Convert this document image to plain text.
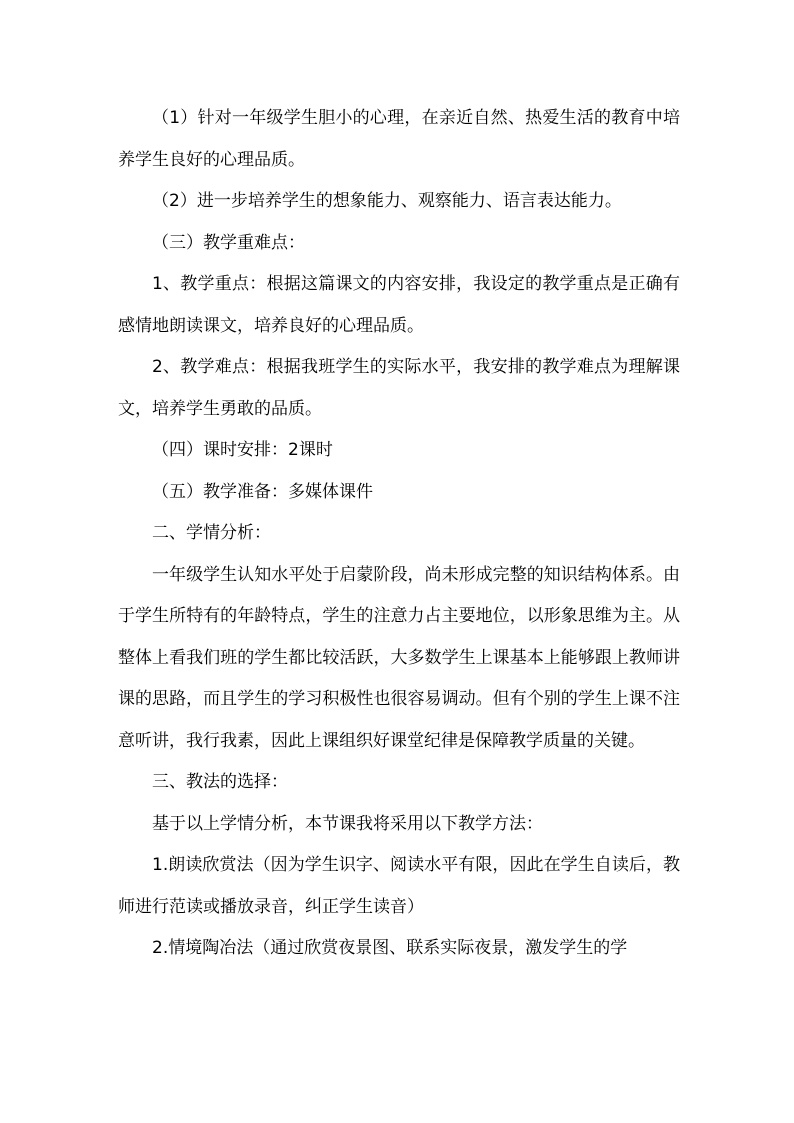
（1）针对一年级学生胆小的心理，在亲近自然、热爱生活的教育中培养学生良好的心理品质。

（2）进一步培养学生的想象能力、观察能力、语言表达能力。

（三）教学重难点：

1、教学重点：根据这篇课文的内容安排，我设定的教学重点是正确有感情地朗读课文，培养良好的心理品质。

2、教学难点：根据我班学生的实际水平，我安排的教学难点为理解课文，培养学生勇敢的品质。

（四）课时安排：2课时

（五）教学准备：多媒体课件

二、学情分析：

一年级学生认知水平处于启蒙阶段，尚未形成完整的知识结构体系。由于学生所特有的年龄特点，学生的注意力占主要地位，以形象思维为主。从整体上看我们班的学生都比较活跃，大多数学生上课基本上能够跟上教师讲课的思路，而且学生的学习积极性也很容易调动。但有个别的学生上课不注意听讲，我行我素，因此上课组织好课堂纪律是保障教学质量的关键。

三、教法的选择：

基于以上学情分析，本节课我将采用以下教学方法：

1.朗读欣赏法（因为学生识字、阅读水平有限，因此在学生自读后，教师进行范读或播放录音，纠正学生读音）

2.情境陶冶法（通过欣赏夜景图、联系实际夜景，激发学生的学
